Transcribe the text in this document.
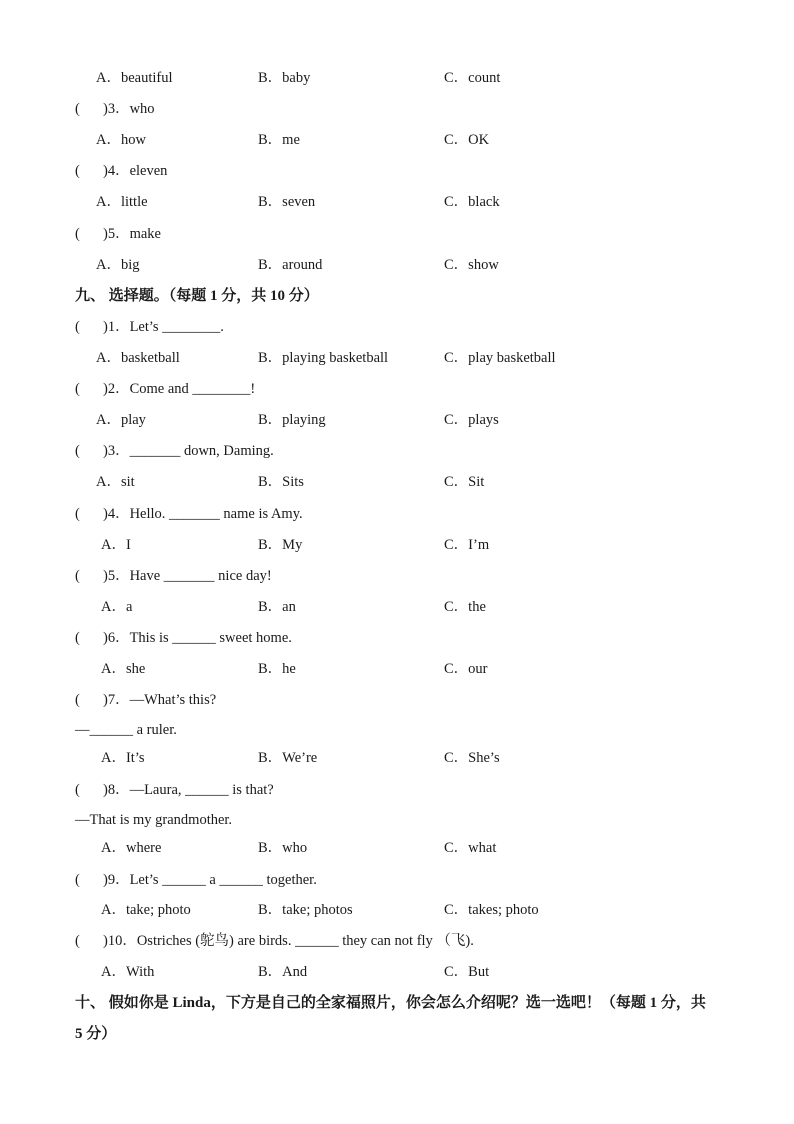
A．beautiful	B．baby	C．count
( )3．who
A．how	B．me	C．OK
( )4．eleven
A．little	B．seven	C．black
( )5．make
A．big	B．around	C．show
九、 选择题。（每题 1 分，共 10 分）
( )1．Let’s ________.
A．basketball	B．playing basketball	C．play basketball
( )2．Come and ________!
A．play	B．playing	C．plays
( )3．_______ down, Daming.
A．sit	B．Sits	C．Sit
( )4．Hello. _______ name is Amy.
A．I	B．My	C．I’m
( )5．Have _______ nice day!
A．a	B．an	C．the
( )6．This is ______ sweet home.
A．she	B．he	C．our
( )7．—What’s this?
—______ a ruler.
A．It’s	B．We’re	C．She’s
( )8．—Laura, ______ is that?
—That is my grandmother.
A．where	B．who	C．what
( )9．Let’s ______ a ______ together.
A．take; photo	B．take; photos	C．takes; photo
( )10．Ostriches (鸵鸟) are birds. ______ they can not fly （飞).
A．With	B．And	C．But
十、 假如你是 Linda，下方是自己的全家福照片，你会怎么介绍呢？选一选吧！（每题 1 分，共 5 分）
